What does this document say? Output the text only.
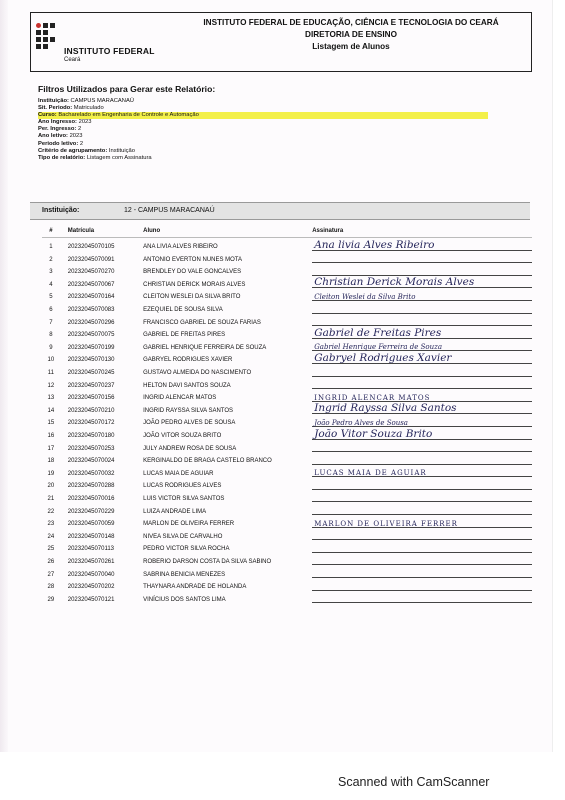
INSTITUTO FEDERAL
Ceará
INSTITUTO FEDERAL DE EDUCAÇÃO, CIÊNCIA E TECNOLOGIA DO CEARÁ
DIRETORIA DE ENSINO
Listagem de Alunos
Filtros Utilizados para Gerar este Relatório:
Instituição: CAMPUS MARACANAÚ
Sit. Periodo: Matriculado
Curso: Bacharelado em Engenharia de Controle e Automação
Ano Ingresso: 2023
Per. Ingresso: 2
Ano letivo: 2023
Periodo letivo: 2
Critério de agrupamento: Instituição
Tipo de relatório: Listagem com Assinatura
Instituição:	12 - CAMPUS MARACANAÚ
#	Matrícula	Aluno	Assinatura
1	20232045070105	ANA LIVIA ALVES RIBEIRO	Ana livia Alves Ribeiro

2	20232045070091	ANTONIO EVERTON NUNES MOTA	
3	20232045070270	BRENDLEY DO VALE GONCALVES	
4	20232045070067	CHRISTIAN DERICK MORAIS ALVES	Christian Derick Morais Alves

5	20232045070164	CLEITON WESLEI DA SILVA BRITO	Cleiton Weslei da Silva Brito

6	20232045070083	EZEQUIEL DE SOUSA SILVA	
7	20232045070296	FRANCISCO GABRIEL DE SOUZA FARIAS	
8	20232045070075	GABRIEL DE FREITAS PIRES	Gabriel de Freitas Pires

9	20232045070199	GABRIEL HENRIQUE FERREIRA DE SOUZA	Gabriel Henrique Ferreira de Souza

10	20232045070130	GABRYEL RODRIGUES XAVIER	Gabryel Rodrigues Xavier

11	20232045070245	GUSTAVO ALMEIDA DO NASCIMENTO	
12	20232045070237	HELTON DAVI SANTOS SOUZA	
13	20232045070156	INGRID ALENCAR MATOS	INGRID ALENCAR MATOS

14	20232045070210	INGRID RAYSSA SILVA SANTOS	Ingrid Rayssa Silva Santos

15	20232045070172	JOÃO PEDRO ALVES DE SOUSA	João Pedro Alves de Sousa

16	20232045070180	JOÃO VITOR SOUZA BRITO	João Vitor Souza Brito

17	20232045070253	JULY ANDREW ROSA DE SOUSA	
18	20232045070024	KERGINALDO DE BRAGA CASTELO BRANCO	
19	20232045070032	LUCAS MAIA DE AGUIAR	LUCAS MAIA DE AGUIAR

20	20232045070288	LUCAS RODRIGUES ALVES	
21	20232045070016	LUIS VICTOR SILVA SANTOS	
22	20232045070229	LUIZA ANDRADE LIMA	
23	20232045070059	MARLON DE OLIVEIRA FERRER	MARLON DE OLIVEIRA FERRER

24	20232045070148	NIVEA SILVA DE CARVALHO	
25	20232045070113	PEDRO VICTOR SILVA ROCHA	
26	20232045070261	ROBERIO DARSON COSTA DA SILVA SABINO	
27	20232045070040	SABRINA BENICIA MENEZES	
28	20232045070202	THAYNARA ANDRADE DE HOLANDA	
29	20232045070121	VINÍCIUS DOS SANTOS LIMA	
Scanned with CamScanner
